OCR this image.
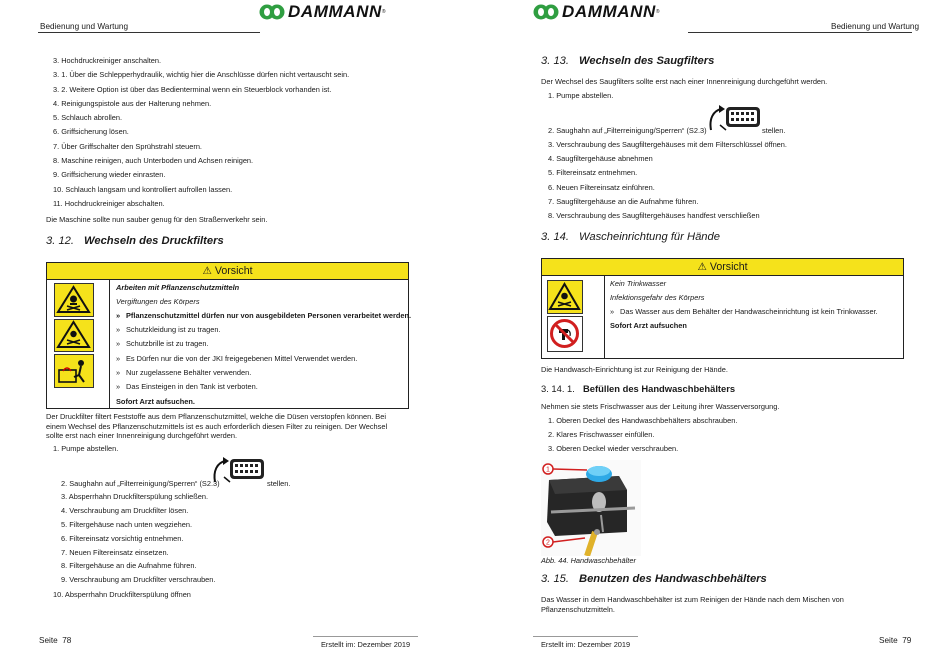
Bedienung und Wartung
DAMMANN ®
3. Hochdruckreiniger anschalten.
3. 1. Über die Schlepperhydraulik, wichtig hier die Anschlüsse dürfen nicht vertauscht sein.
3. 2. Weitere Option ist über das Bedienterminal wenn ein Steuerblock vorhanden ist.
4. Reinigungspistole aus der Halterung nehmen.
5. Schlauch abrollen.
6. Griffsicherung lösen.
7. Über Griffschalter den Sprühstrahl steuern.
8. Maschine reinigen, auch Unterboden und Achsen reinigen.
9. Griffsicherung wieder einrasten.
10. Schlauch langsam und kontrolliert aufrollen lassen.
11. Hochdruckreiniger abschalten.
Die Maschine sollte nun sauber genug für den Straßenverkehr sein.
3. 12. Wechseln des Druckfilters
⚠ Vorsicht
Arbeiten mit Pflanzenschutzmitteln
Vergiftungen des Körpers
» Pflanzenschutzmittel dürfen nur von ausgebildeten Personen verarbeitet werden.
» Schutzkleidung ist zu tragen.
» Schutzbrille ist zu tragen.
» Es Dürfen nur die von der JKI freigegebenen Mittel Verwendet werden.
» Nur zugelassene Behälter verwenden.
» Das Einsteigen in den Tank ist verboten.
Sofort Arzt aufsuchen.
Der Druckfilter filtert Feststoffe aus dem Pflanzenschutzmittel, welche die Düsen verstopfen können. Bei
einem Wechsel des Pflanzenschutzmittels ist es auch erforderlich diesen Filter zu reinigen. Der Wechsel
sollte erst nach einer Innenreinigung durchgeführt werden.
1. Pumpe abstellen.
2. Saughahn auf „Filterreinigung/Sperren“ (S2.3)	stellen.
3. Absperrhahn Druckfilterspülung schließen.
4. Verschraubung am Druckfilter lösen.
5. Filtergehäuse nach unten wegziehen.
6. Filtereinsatz vorsichtig entnehmen.
7. Neuen Filtereinsatz einsetzen.
8. Filtergehäuse an die Aufnahme führen.
9. Verschraubung am Druckfilter verschrauben.
10. Absperrhahn Druckfilterspülung öffnen
Seite 78	Erstellt im: Dezember 2019
DAMMANN ®
Bedienung und Wartung
3. 13. Wechseln des Saugfilters
Der Wechsel des Saugfilters sollte erst nach einer Innenreinigung durchgeführt werden.
1. Pumpe abstellen.
2. Saughahn auf „Filterreinigung/Sperren“ (S2.3)	stellen.
3. Verschraubung des Saugfiltergehäuses mit dem Filterschlüssel öffnen.
4. Saugfiltergehäuse abnehmen
5. Filtereinsatz entnehmen.
6. Neuen Filtereinsatz einführen.
7. Saugfiltergehäuse an die Aufnahme führen.
8. Verschraubung des Saugfiltergehäuses handfest verschließen
3. 14. Wascheinrichtung für Hände
⚠ Vorsicht
Kein Trinkwasser
Infektionsgefahr des Körpers
» Das Wasser aus dem Behälter der Handwascheinrichtung ist kein Trinkwasser.
Sofort Arzt aufsuchen
Die Handwasch-Einrichtung ist zur Reinigung der Hände.
3. 14. 1. Befüllen des Handwaschbehälters
Nehmen sie stets Frischwasser aus der Leitung ihrer Wasserversorgung.
1. Oberen Deckel des Handwaschbehälters abschrauben.
2. Klares Frischwasser einfüllen.
3. Oberen Deckel wieder verschrauben.
1
2
Abb. 44. Handwaschbehälter
3. 15. Benutzen des Handwaschbehälters
Das Wasser in dem Handwaschbehälter ist zum Reinigen der Hände nach dem Mischen von
Pflanzenschutzmitteln.
Erstellt im: Dezember 2019	Seite 79
